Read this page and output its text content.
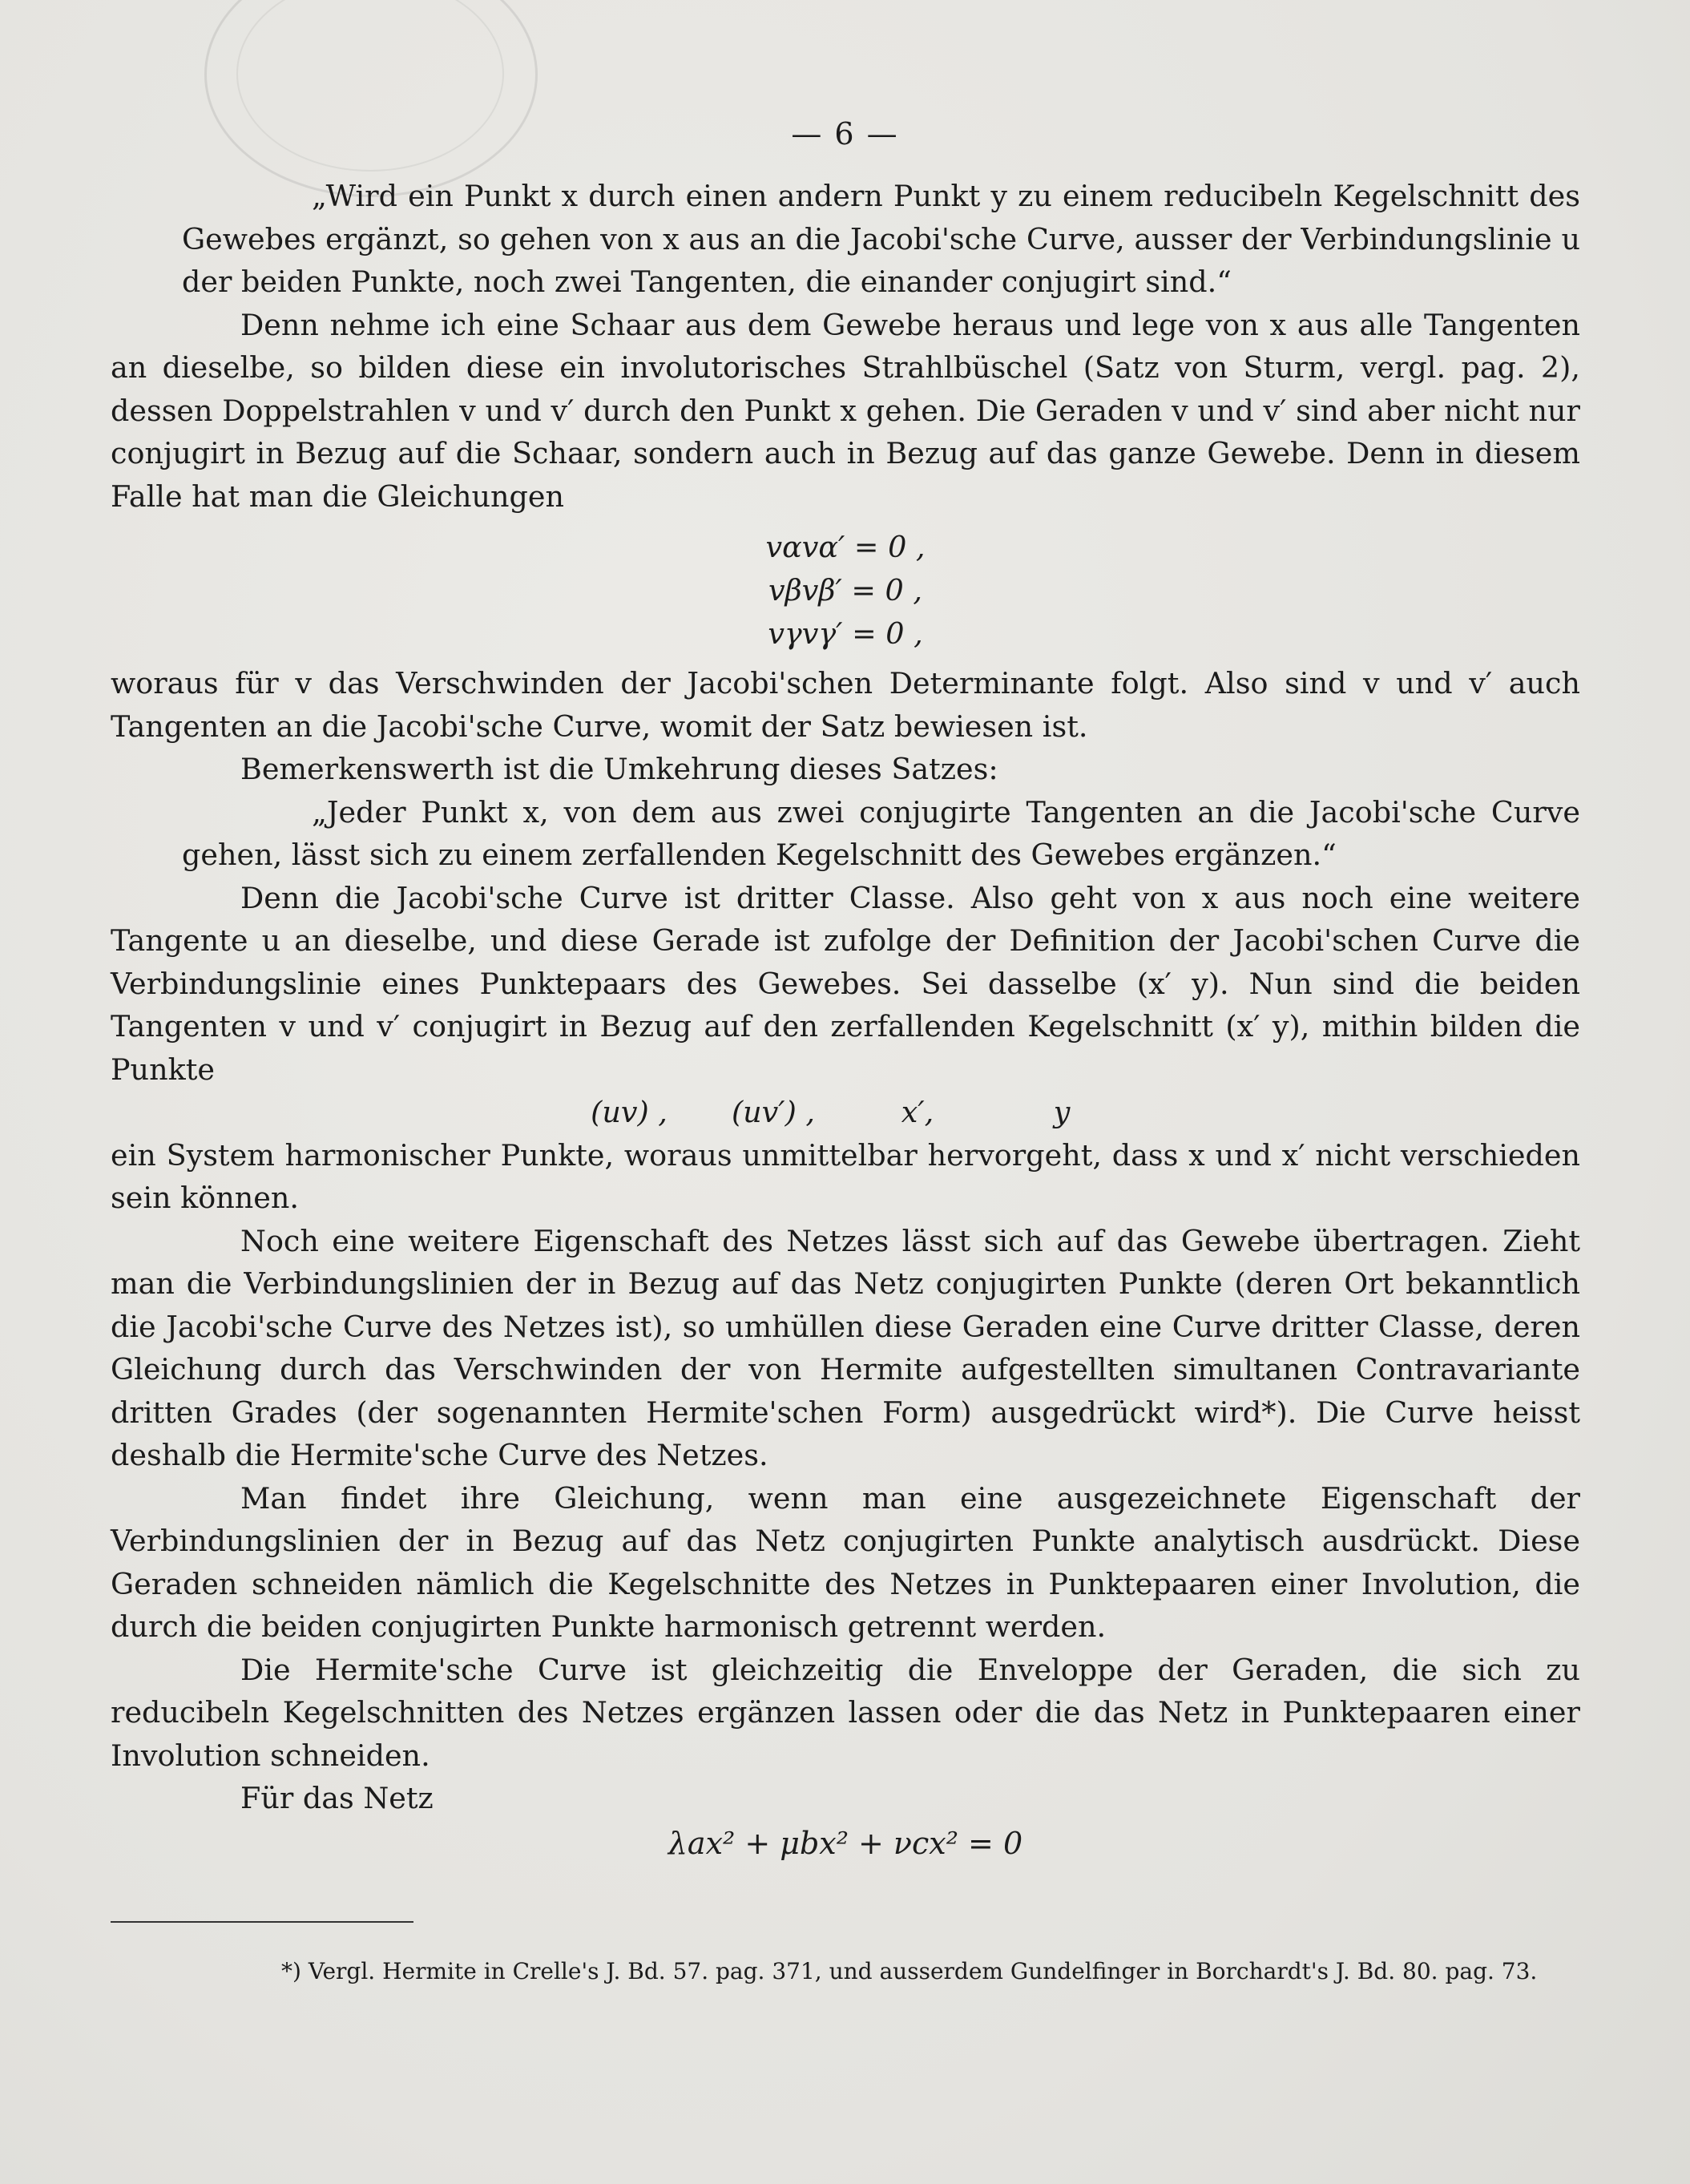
— 6 —

„Wird ein Punkt x durch einen andern Punkt y zu einem reducibeln Kegelschnitt des Gewebes ergänzt, so gehen von x aus an die Jacobi'sche Curve, ausser der Verbindungslinie u der beiden Punkte, noch zwei Tangenten, die einander conjugirt sind.“

Denn nehme ich eine Schaar aus dem Gewebe heraus und lege von x aus alle Tangenten an dieselbe, so bilden diese ein involutorisches Strahlbüschel (Satz von Sturm, vergl. pag. 2), dessen Doppelstrahlen v und v′ durch den Punkt x gehen. Die Geraden v und v′ sind aber nicht nur conjugirt in Bezug auf die Schaar, sondern auch in Bezug auf das ganze Gewebe. Denn in diesem Falle hat man die Gleichungen

vαvα′ = 0 ,

vβvβ′ = 0 ,

vγvγ′ = 0 ,

woraus für v das Verschwinden der Jacobi'schen Determinante folgt. Also sind v und v′ auch Tangenten an die Jacobi'sche Curve, womit der Satz bewiesen ist.

Bemerkenswerth ist die Umkehrung dieses Satzes:

„Jeder Punkt x, von dem aus zwei conjugirte Tangenten an die Jacobi'sche Curve gehen, lässt sich zu einem zerfallenden Kegelschnitt des Gewebes ergänzen.“

Denn die Jacobi'sche Curve ist dritter Classe. Also geht von x aus noch eine weitere Tangente u an dieselbe, und diese Gerade ist zufolge der Definition der Jacobi'schen Curve die Verbindungslinie eines Punktepaars des Gewebes. Sei dasselbe (x′ y). Nun sind die beiden Tangenten v und v′ conjugirt in Bezug auf den zerfallenden Kegelschnitt (x′ y), mithin bilden die Punkte

(uv) ,	(uv′) ,	x′,	y

ein System harmonischer Punkte, woraus unmittelbar hervorgeht, dass x und x′ nicht verschieden sein können.

Noch eine weitere Eigenschaft des Netzes lässt sich auf das Gewebe übertragen. Zieht man die Verbindungslinien der in Bezug auf das Netz conjugirten Punkte (deren Ort bekanntlich die Jacobi'sche Curve des Netzes ist), so umhüllen diese Geraden eine Curve dritter Classe, deren Gleichung durch das Verschwinden der von Hermite aufgestellten simultanen Contravariante dritten Grades (der sogenannten Hermite'schen Form) ausgedrückt wird*). Die Curve heisst deshalb die Hermite'sche Curve des Netzes.

Man findet ihre Gleichung, wenn man eine ausgezeichnete Eigenschaft der Verbindungslinien der in Bezug auf das Netz conjugirten Punkte analytisch ausdrückt. Diese Geraden schneiden nämlich die Kegelschnitte des Netzes in Punktepaaren einer Involution, die durch die beiden conjugirten Punkte harmonisch getrennt werden.

Die Hermite'sche Curve ist gleichzeitig die Enveloppe der Geraden, die sich zu reducibeln Kegelschnitten des Netzes ergänzen lassen oder die das Netz in Punktepaaren einer Involution schneiden.

Für das Netz

λax² + μbx² + νcx² = 0

*) Vergl. Hermite in Crelle's J. Bd. 57. pag. 371, und ausserdem Gundelfinger in Borchardt's J. Bd. 80. pag. 73.
